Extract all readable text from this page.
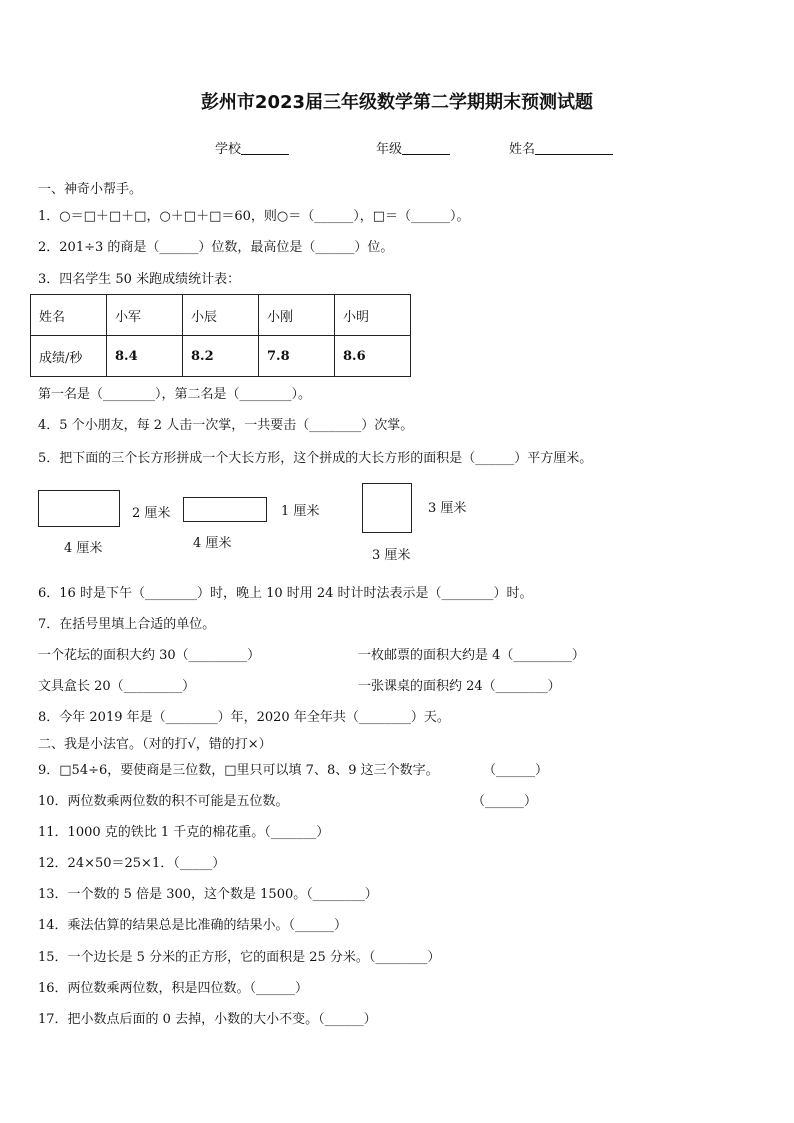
彭州市2023届三年级数学第二学期期末预测试题
学校	年级	姓名
一、神奇小帮手。
1．○＝□＋□＋□，○＋□＋□＝60，则○＝（______），□＝（______）。
2．201÷3 的商是（______）位数，最高位是（______）位。
3．四名学生 50 米跑成绩统计表：
姓名	小军	小辰	小刚	小明
成绩/秒	8.4	8.2	7.8	8.6
第一名是（________），第二名是（________）。
4．5 个小朋友，每 2 人击一次掌，一共要击（________）次掌。
5．把下面的三个长方形拼成一个大长方形，这个拼成的大长方形的面积是（______）平方厘米。
2 厘米
4 厘米
1 厘米
4 厘米
3 厘米
3 厘米
6．16 时是下午（________）时，晚上 10 时用 24 时计时法表示是（________）时。
7．在括号里填上合适的单位。
一个花坛的面积大约 30（_________）	一枚邮票的面积大约是 4（_________）
文具盒长 20（_________）	一张课桌的面积约 24（________）
8．今年 2019 年是（________）年，2020 年全年共（________）天。
二、我是小法官。（对的打√，错的打×）
9．□54÷6，要使商是三位数，□里只可以填 7、8、9 这三个数字。	（______）
10．两位数乘两位数的积不可能是五位数。	（______）
11．1000 克的铁比 1 千克的棉花重。（_______）
12．24×50＝25×1．（_____）
13．一个数的 5 倍是 300，这个数是 1500。（________）
14．乘法估算的结果总是比准确的结果小。（______）
15．一个边长是 5 分米的正方形，它的面积是 25 分米。（________）
16．两位数乘两位数，积是四位数。（______）
17．把小数点后面的 0 去掉，小数的大小不变。（______）
